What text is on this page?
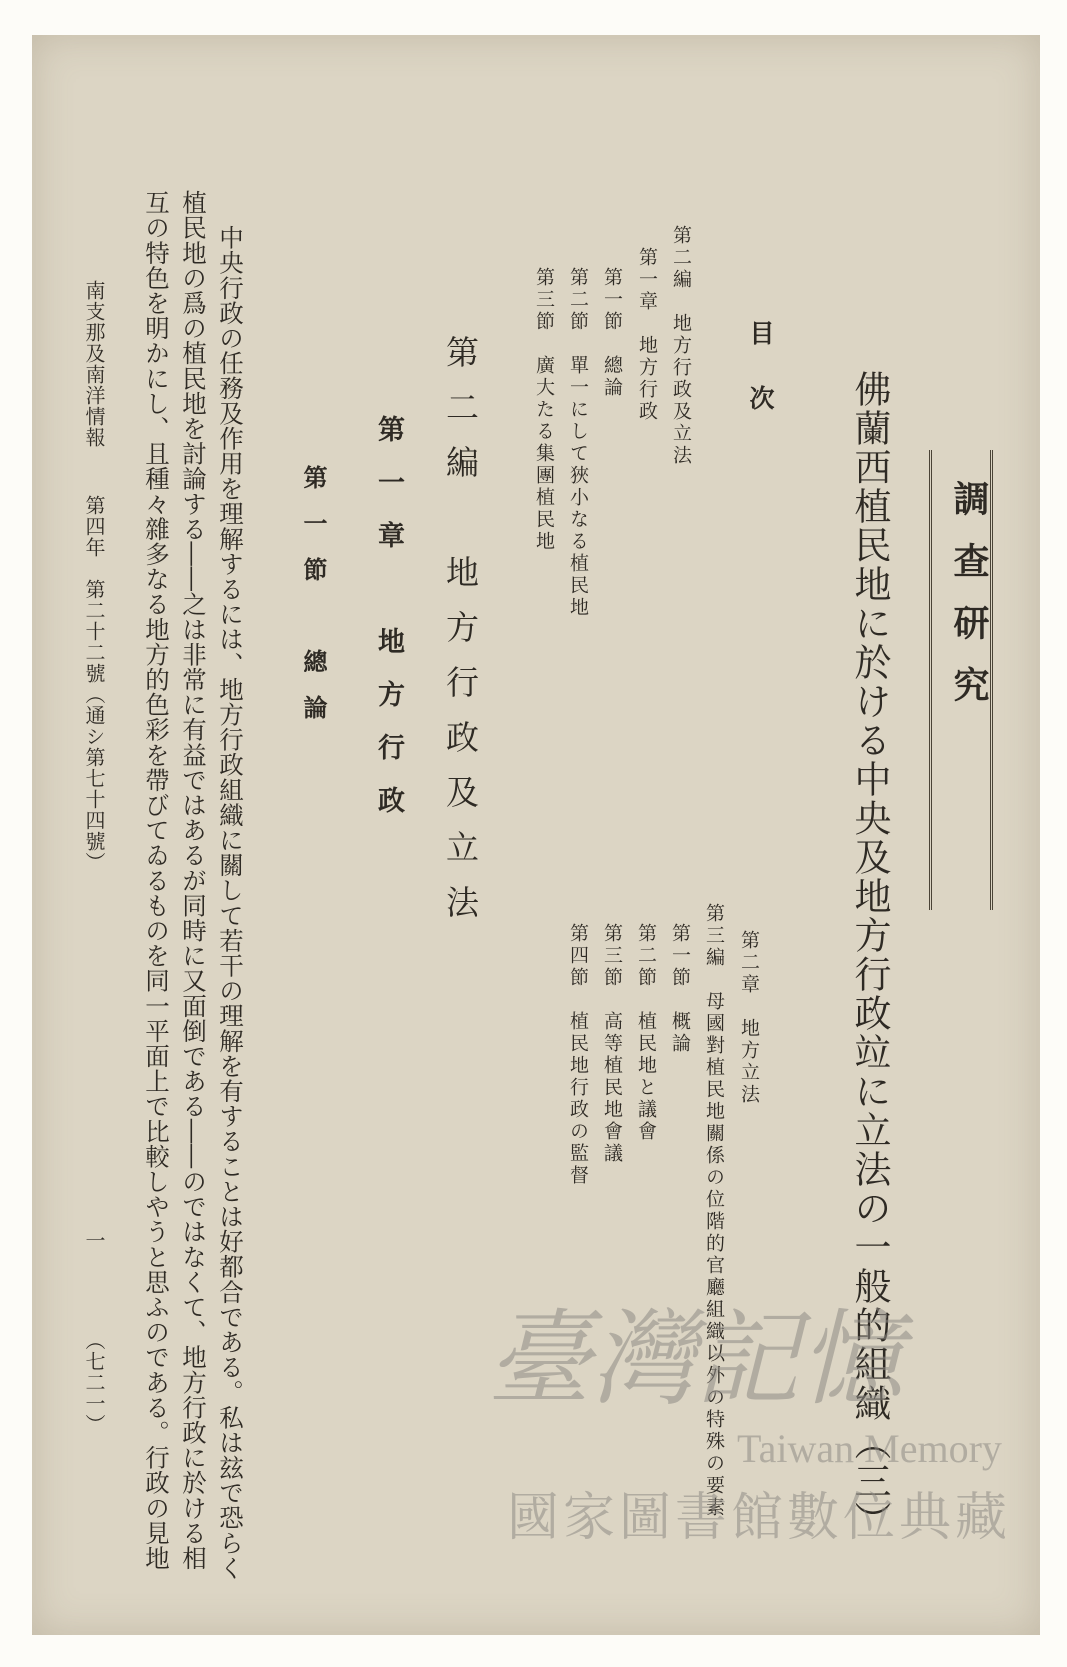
調查研究
佛蘭西植民地に於ける中央及地方行政竝に立法の一般的組織（三）
目次
第二編　地方行政及立法
第一章　地方行政
第一節　總論
第二節　單一にして狹小なる植民地
第三節　廣大たる集團植民地
第二章　地方立法
第三編　母國對植民地關係の位階的官廳組織以外の特殊の要素
第一節　概論
第二節　植民地と議會
第三節　高等植民地會議
第四節　植民地行政の監督
第二編　地方行政及立法
第一章　地方行政
第一節　總論
中央行政の任務及作用を理解するには、地方行政組織に關して若干の理解を有することは好都合である。私は玆で恐らく
植民地の爲の植民地を討論する――之は非常に有益ではあるが同時に又面倒である――のではなくて、地方行政に於ける相
互の特色を明かにし、且種々雜多なる地方的色彩を帶びてゐるものを同一平面上で比較しやうと思ふのである。行政の見地
南支那及南洋情報
第四年　第二十二號（通シ第七十四號）
一
（七二一）	臺灣記憶
Taiwan Memory
國家圖書館數位典藏
